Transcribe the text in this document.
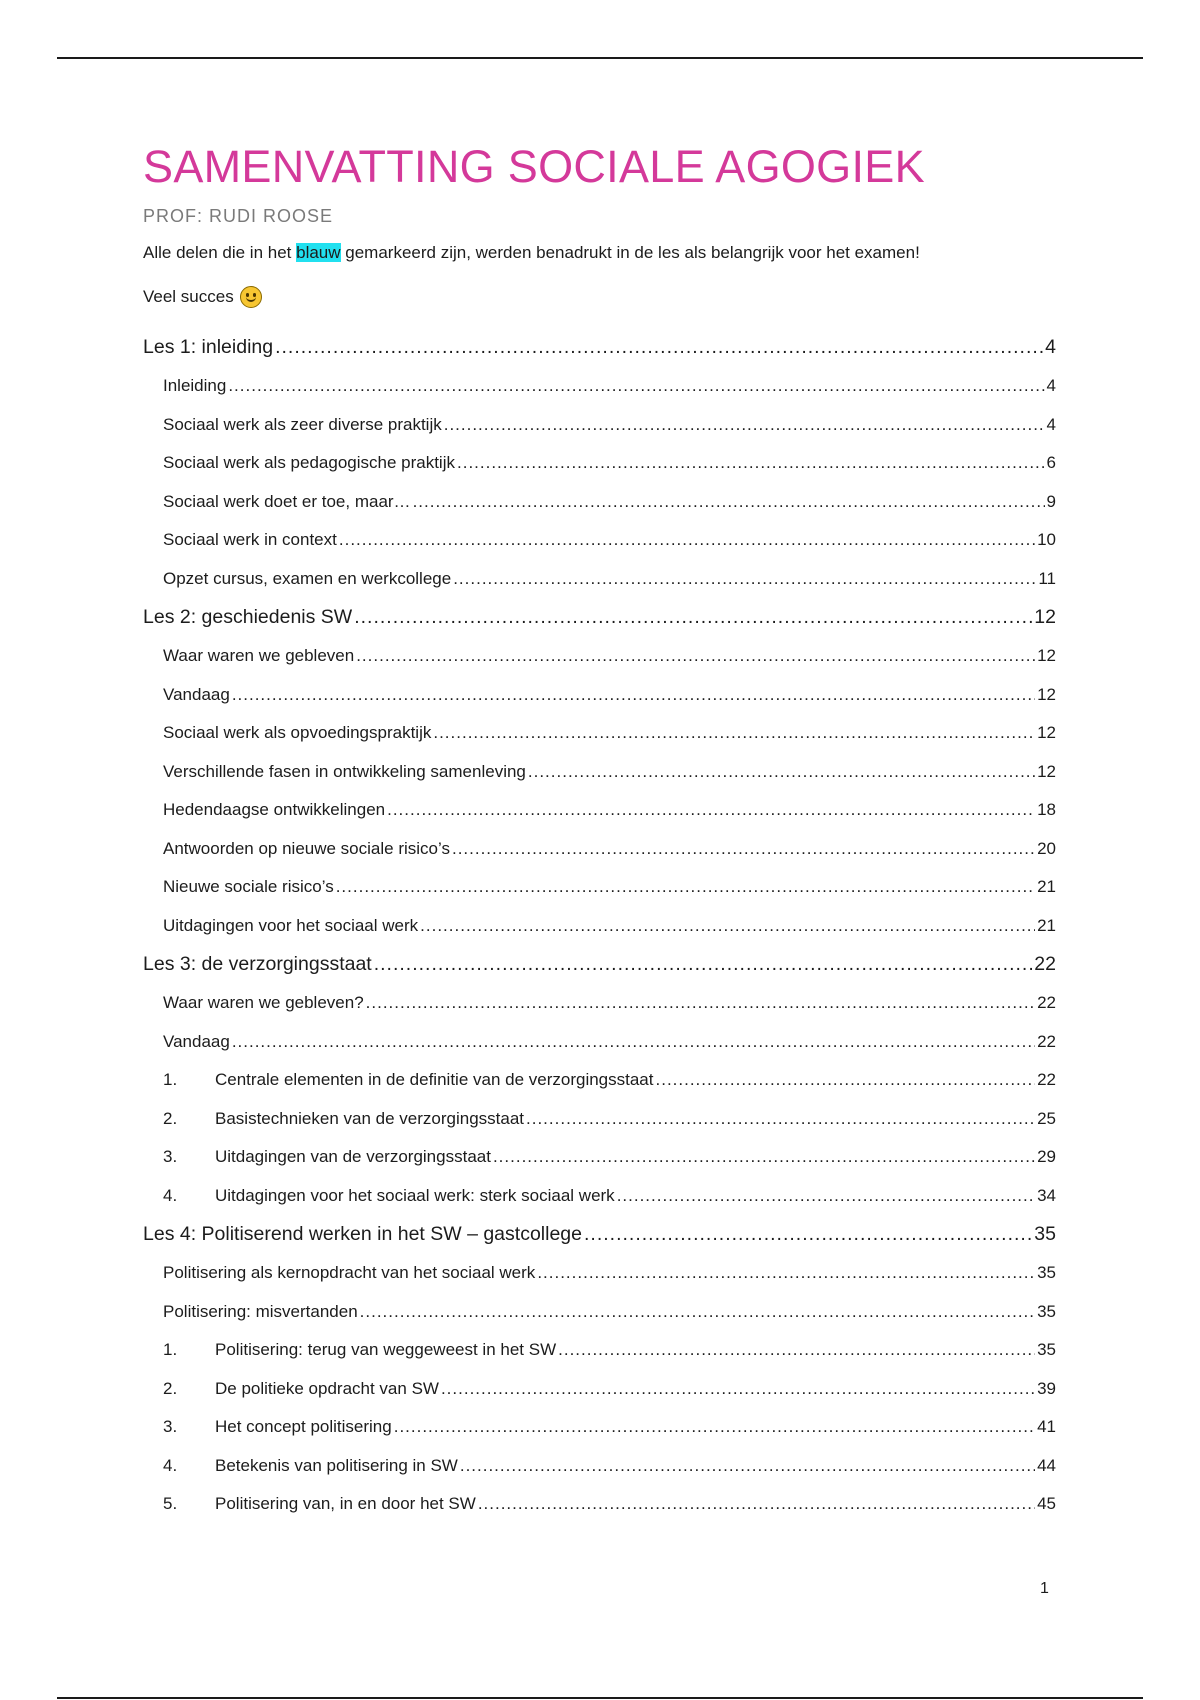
SAMENVATTING SOCIALE AGOGIEK
PROF: RUDI ROOSE
Alle delen die in het blauw gemarkeerd zijn, werden benadrukt in de les als belangrijk voor het examen!
Veel succes
Les 1: inleiding .....	4
Inleiding .....	4
Sociaal werk als zeer diverse praktijk .....	4
Sociaal werk als pedagogische praktijk .....	6
Sociaal werk doet er toe, maar… .....	9
Sociaal werk in context .....	10
Opzet cursus, examen en werkcollege .....	11
Les 2: geschiedenis SW .....	12
Waar waren we gebleven .....	12
Vandaag .....	12
Sociaal werk als opvoedingspraktijk .....	12
Verschillende fasen in ontwikkeling samenleving .....	12
Hedendaagse ontwikkelingen .....	18
Antwoorden op nieuwe sociale risico’s .....	20
Nieuwe sociale risico’s .....	21
Uitdagingen voor het sociaal werk .....	21
Les 3: de verzorgingsstaat .....	22
Waar waren we gebleven? .....	22
Vandaag .....	22
1.	Centrale elementen in de definitie van de verzorgingsstaat .....	22
2.	Basistechnieken van de verzorgingsstaat .....	25
3.	Uitdagingen van de verzorgingsstaat .....	29
4.	Uitdagingen voor het sociaal werk: sterk sociaal werk .....	34
Les 4: Politiserend werken in het SW – gastcollege .....	35
Politisering als kernopdracht van het sociaal werk .....	35
Politisering: misvertanden .....	35
1.	Politisering: terug van weggeweest in het SW .....	35
2.	De politieke opdracht van SW .....	39
3.	Het concept politisering .....	41
4.	Betekenis van politisering in SW .....	44
5.	Politisering van, in en door het SW .....	45
1
